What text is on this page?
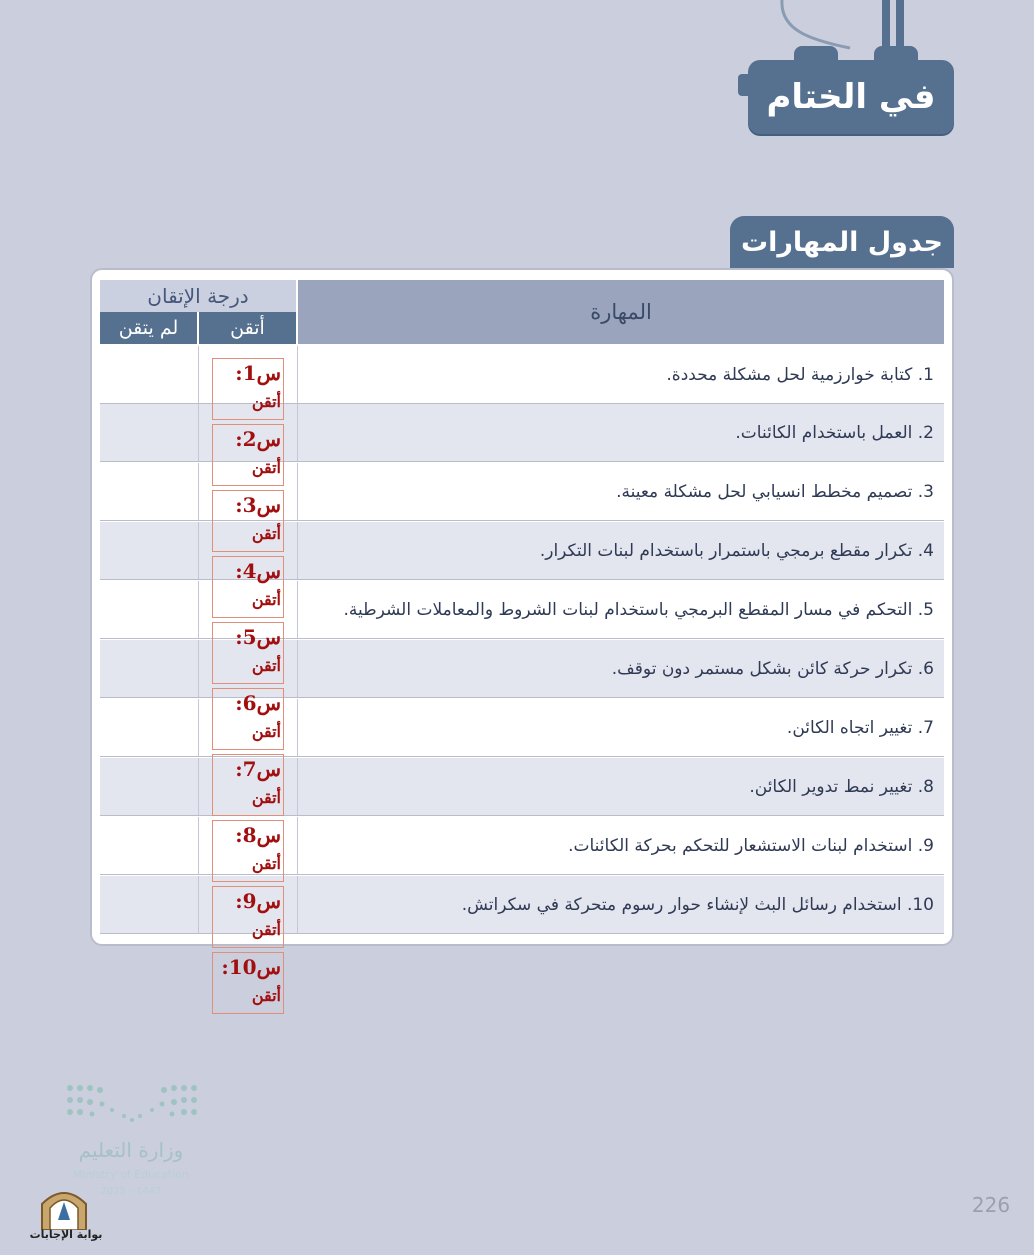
في الختام
جدول المهارات
المهارة
درجة الإتقان
أتقن
لم يتقن
1. كتابة خوارزمية لحل مشكلة محددة.
2. العمل باستخدام الكائنات.
3. تصميم مخطط انسيابي لحل مشكلة معينة.
4. تكرار مقطع برمجي باستمرار باستخدام لبنات التكرار.
5. التحكم في مسار المقطع البرمجي باستخدام لبنات الشروط والمعاملات الشرطية.
6. تكرار حركة كائن بشكل مستمر دون توقف.
7. تغيير اتجاه الكائن.
8. تغيير نمط تدوير الكائن.
9. استخدام لبنات الاستشعار للتحكم بحركة الكائنات.
10. استخدام رسائل البث لإنشاء حوار رسوم متحركة في سكراتش.
س1:
أتقن
س2:
أتقن
س3:
أتقن
س4:
أتقن
س5:
أتقن
س6:
أتقن
س7:
أتقن
س8:
أتقن
س9:
أتقن
س10:
أتقن
وزارة التعليم
Ministry of Education
2025 - 1447
بوابة الإجابات
226
